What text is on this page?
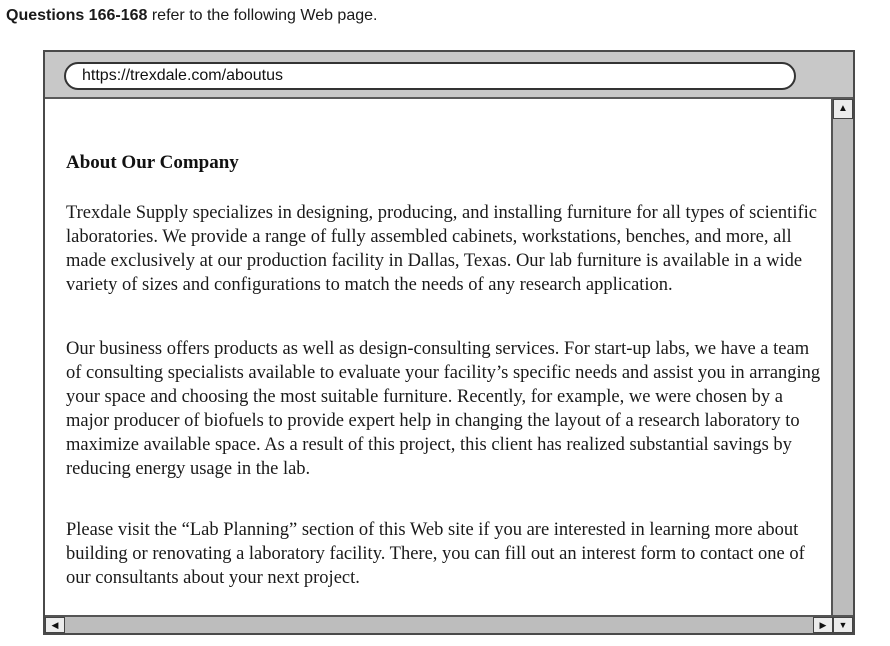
Questions 166-168 refer to the following Web page.
https://trexdale.com/aboutus
About Our Company

Trexdale Supply specializes in designing, producing, and installing furniture for all types of scientific laboratories. We provide a range of fully assembled cabinets, workstations, benches, and more, all made exclusively at our production facility in Dallas, Texas. Our lab furniture is available in a wide variety of sizes and configurations to match the needs of any research application.

Our business offers products as well as design-consulting services. For start-up labs, we have a team of consulting specialists available to evaluate your facility’s specific needs and assist you in arranging your space and choosing the most suitable furniture. Recently, for example, we were chosen by a major producer of biofuels to provide expert help in changing the layout of a research laboratory to maximize available space. As a result of this project, this client has realized substantial savings by reducing energy usage in the lab.

Please visit the “Lab Planning” section of this Web site if you are interested in learning more about building or renovating a laboratory facility. There, you can fill out an interest form to contact one of our consultants about your next project.

▲
◀	▶	▼
